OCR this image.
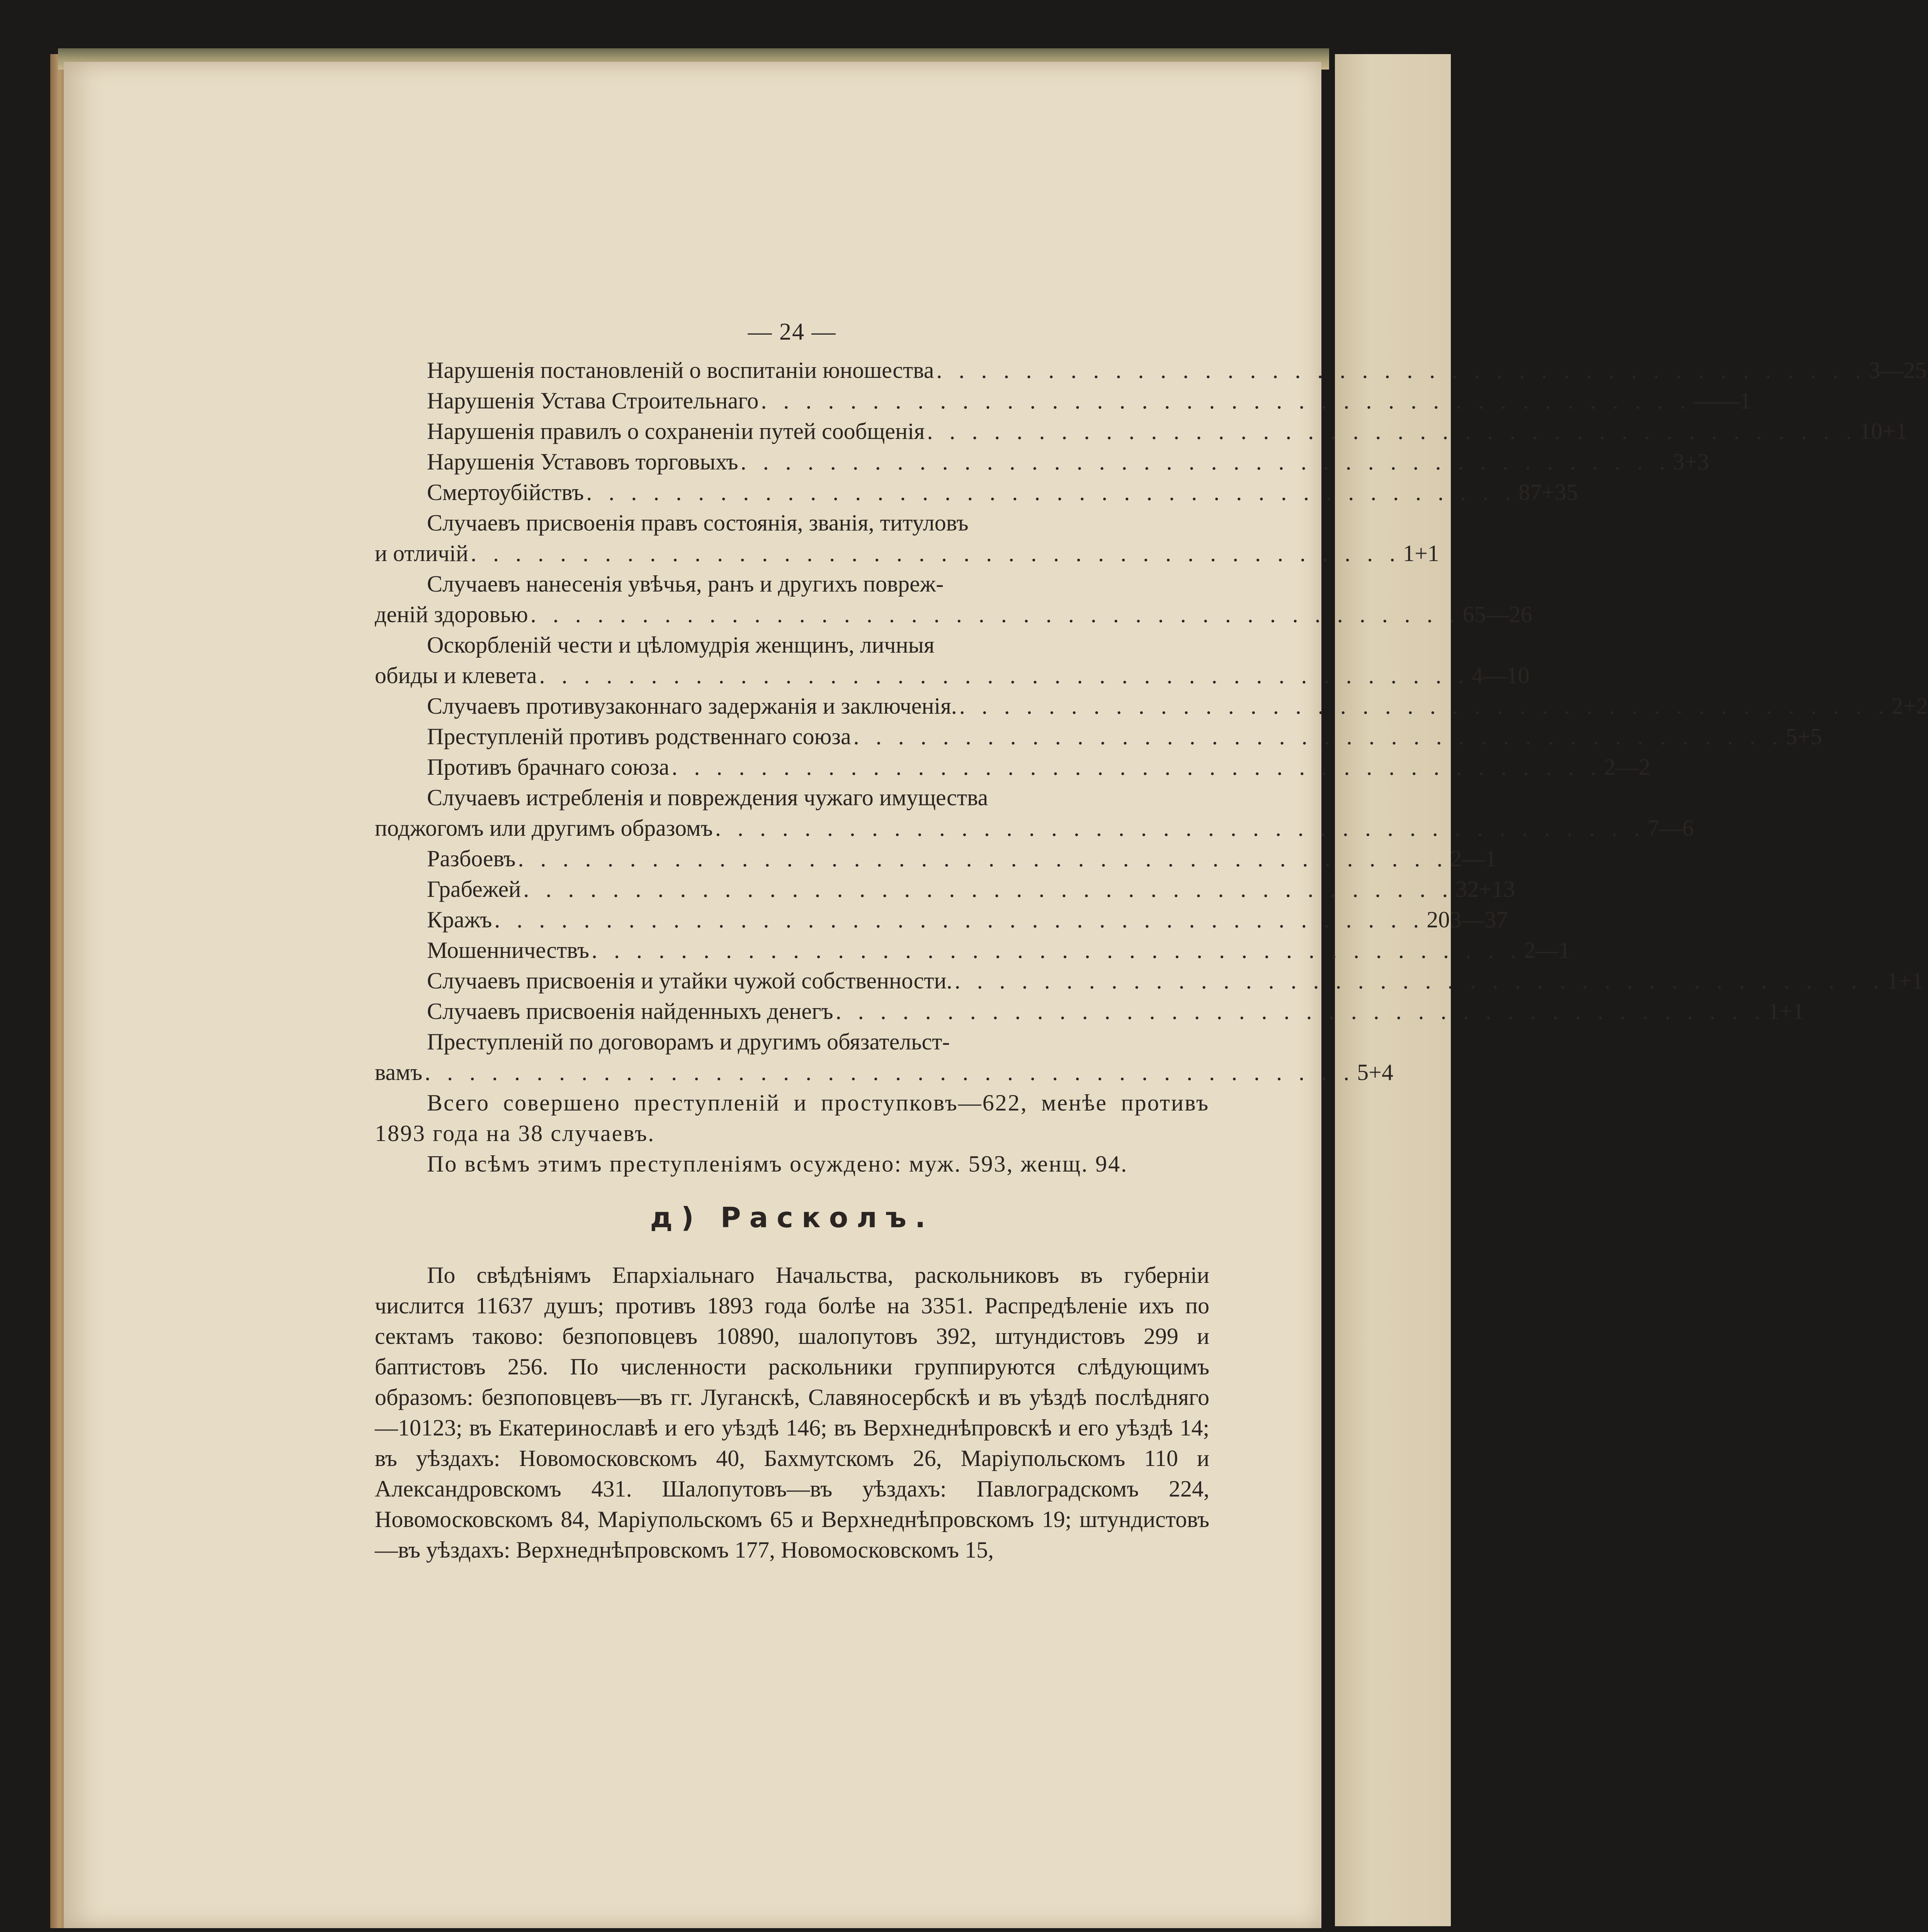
— 24 —
Нарушенія постановленій о воспитаніи юношества . . . . . . . . . . . . . . . . . . . . . . . . . . . . . . . . . . . . . . . . . . 3 — 25
Нарушенія Устава Строительнаго . . . . . . . . . . . . . . . . . . . . . . . . . . . . . . . . . . . . . . . . . . — — 1
Нарушенія правилъ о сохраненіи путей сообщенія . . . . . . . . . . . . . . . . . . . . . . . . . . . . . . . . . . . . . . . . . . 10 + 1
Нарушенія Уставовъ торговыхъ . . . . . . . . . . . . . . . . . . . . . . . . . . . . . . . . . . . . . . . . . . 3 + 3
Смертоубійствъ . . . . . . . . . . . . . . . . . . . . . . . . . . . . . . . . . . . . . . . . . . 87 + 35
Случаевъ присвоенія правъ состоянія, званія, титуловъ
и отличій . . . . . . . . . . . . . . . . . . . . . . . . . . . . . . . . . . . . . . . . . . 1 + 1
Случаевъ нанесенія увѣчья, ранъ и другихъ повреж-
деній здоровью . . . . . . . . . . . . . . . . . . . . . . . . . . . . . . . . . . . . . . . . . . 65 — 26
Оскорбленій чести и цѣломудрія женщинъ, личныя
обиды и клевета . . . . . . . . . . . . . . . . . . . . . . . . . . . . . . . . . . . . . . . . . . 4 — 10
Случаевъ противузаконнаго задержанія и заключенія. . . . . . . . . . . . . . . . . . . . . . . . . . . . . . . . . . . . . . . . . . . 2 + 2
Преступленій противъ родственнаго союза . . . . . . . . . . . . . . . . . . . . . . . . . . . . . . . . . . . . . . . . . . 5 + 5
Противъ брачнаго союза . . . . . . . . . . . . . . . . . . . . . . . . . . . . . . . . . . . . . . . . . . 2 — 2
Случаевъ истребленія и повреждения чужаго имущества
поджогомъ или другимъ образомъ . . . . . . . . . . . . . . . . . . . . . . . . . . . . . . . . . . . . . . . . . . 7 — 6
Разбоевъ . . . . . . . . . . . . . . . . . . . . . . . . . . . . . . . . . . . . . . . . . . 2 — 1
Грабежей . . . . . . . . . . . . . . . . . . . . . . . . . . . . . . . . . . . . . . . . . . 32 + 13
Кражъ . . . . . . . . . . . . . . . . . . . . . . . . . . . . . . . . . . . . . . . . . . 203 — 37
Мошенничествъ . . . . . . . . . . . . . . . . . . . . . . . . . . . . . . . . . . . . . . . . . . 2 — 1
Случаевъ присвоенія и утайки чужой собственности. . . . . . . . . . . . . . . . . . . . . . . . . . . . . . . . . . . . . . . . . . . 1 + 1
Случаевъ присвоенія найденныхъ денегъ . . . . . . . . . . . . . . . . . . . . . . . . . . . . . . . . . . . . . . . . . . 1 + 1
Преступленій по договорамъ и другимъ обязательст-
вамъ . . . . . . . . . . . . . . . . . . . . . . . . . . . . . . . . . . . . . . . . . . 5 + 4

Всего совершено преступленій и проступковъ—622, менѣе противъ 1893 года на 38 случаевъ.

По всѣмъ этимъ преступленіямъ осуждено: муж. 593, женщ. 94.

д) Расколъ.

По свѣдѣніямъ Епархіальнаго Начальства, раскольниковъ въ губерніи числится 11637 душъ; противъ 1893 года болѣе на 3351. Распредѣленіе ихъ по сектамъ таково: безпоповцевъ 10890, шалопутовъ 392, штундистовъ 299 и баптистовъ 256. По численности раскольники группируются слѣдующимъ образомъ: безпоповцевъ—въ гг. Луганскѣ, Славяносербскѣ и въ уѣздѣ послѣдняго—10123; въ Екатеринославѣ и его уѣздѣ 146; въ Верхнеднѣпровскѣ и его уѣздѣ 14; въ уѣздахъ: Новомосковскомъ 40, Бахмутскомъ 26, Маріупольскомъ 110 и Александровскомъ 431. Шалопутовъ—въ уѣздахъ: Павлоградскомъ 224, Новомосковскомъ 84, Маріупольскомъ 65 и Верхнеднѣпровскомъ 19; штундистовъ—въ уѣздахъ: Верхнеднѣпровскомъ 177, Новомосковскомъ 15,
